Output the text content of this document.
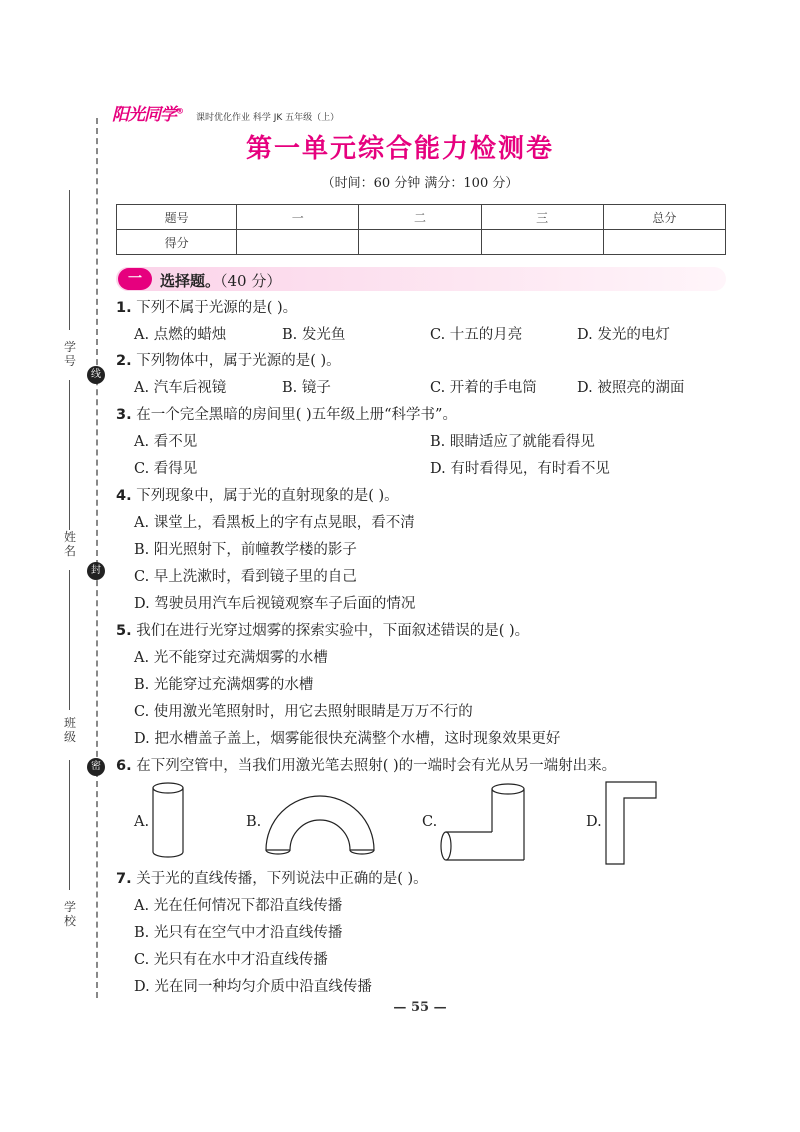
学号
姓名
班级
学校
线
封
密
阳光同学®
课时优化作业 科学 JK 五年级（上）
第一单元综合能力检测卷
（时间：60 分钟 满分：100 分）
题号	一	二	三	总分
得分				
一	选择题。（40 分）
1. 下列不属于光源的是( )。
A. 点燃的蜡烛	B. 发光鱼	C. 十五的月亮	D. 发光的电灯
2. 下列物体中，属于光源的是( )。
A. 汽车后视镜	B. 镜子	C. 开着的手电筒	D. 被照亮的湖面
3. 在一个完全黑暗的房间里( )五年级上册“科学书”。
A. 看不见	B. 眼睛适应了就能看得见
C. 看得见	D. 有时看得见，有时看不见
4. 下列现象中，属于光的直射现象的是( )。
A. 课堂上，看黑板上的字有点晃眼，看不清
B. 阳光照射下，前幢教学楼的影子
C. 早上洗漱时，看到镜子里的自己
D. 驾驶员用汽车后视镜观察车子后面的情况
5. 我们在进行光穿过烟雾的探索实验中，下面叙述错误的是( )。
A. 光不能穿过充满烟雾的水槽
B. 光能穿过充满烟雾的水槽
C. 使用激光笔照射时，用它去照射眼睛是万万不行的
D. 把水槽盖子盖上，烟雾能很快充满整个水槽，这时现象效果更好
6. 在下列空管中，当我们用激光笔去照射( )的一端时会有光从另一端射出来。
A.	B.	C.	D.
7. 关于光的直线传播，下列说法中正确的是( )。
A. 光在任何情况下都沿直线传播
B. 光只有在空气中才沿直线传播
C. 光只有在水中才沿直线传播
D. 光在同一种均匀介质中沿直线传播
— 55 —
